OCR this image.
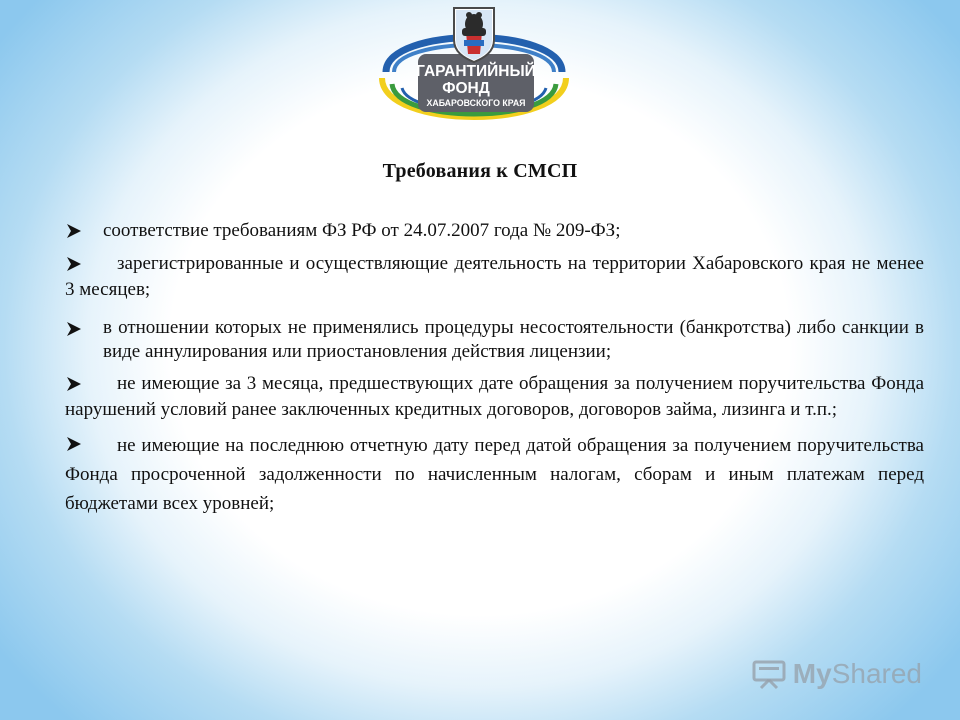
ГАРАНТИЙНЫЙ
ФОНД
ХАБАРОВСКОГО КРАЯ
Требования к СМСП
соответствие требованиям ФЗ РФ от 24.07.2007 года № 209-ФЗ;
зарегистрированные и осуществляющие деятельность на территории Хабаровского края не менее 3 месяцев;
в отношении которых не применялись процедуры несостоятельности (банкротства) либо санкции в виде аннулирования или приостановления действия лицензии;
не имеющие за 3 месяца, предшествующих дате обращения за получением поручительства Фонда нарушений условий ранее заключенных кредитных договоров, договоров займа, лизинга и т.п.;
не имеющие на последнюю отчетную дату перед датой обращения за получением поручительства Фонда просроченной задолженности по начисленным налогам, сборам и иным платежам перед бюджетами всех уровней;
MyShared
